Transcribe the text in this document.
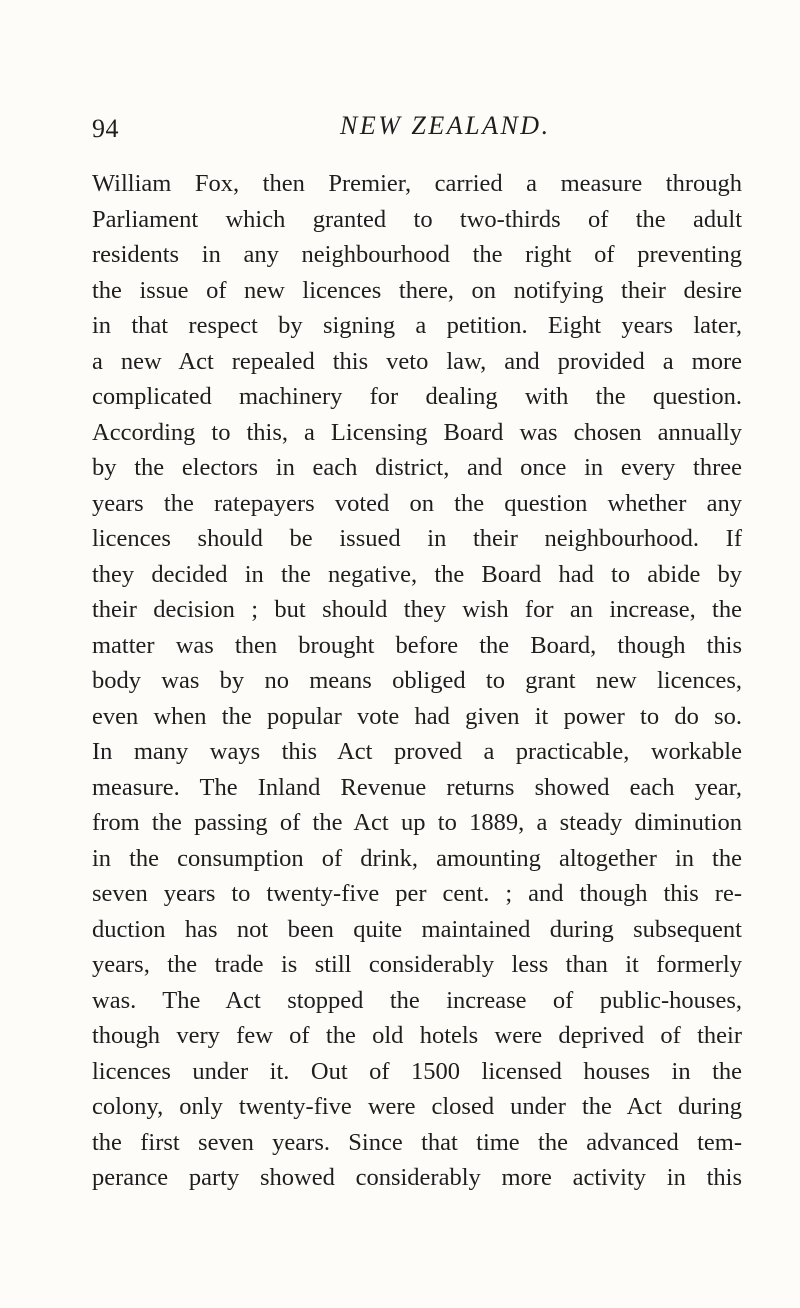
94	NEW ZEALAND.
William Fox, then Premier, carried a measure through
Parliament which granted to two-thirds of the adult
residents in any neighbourhood the right of preventing
the issue of new licences there, on notifying their desire
in that respect by signing a petition. Eight years later,
a new Act repealed this veto law, and provided a more
complicated machinery for dealing with the question.
According to this, a Licensing Board was chosen annually
by the electors in each district, and once in every three
years the ratepayers voted on the question whether any
licences should be issued in their neighbourhood. If
they decided in the negative, the Board had to abide by
their decision ; but should they wish for an increase, the
matter was then brought before the Board, though this
body was by no means obliged to grant new licences,
even when the popular vote had given it power to do so.
In many ways this Act proved a practicable, workable
measure. The Inland Revenue returns showed each year,
from the passing of the Act up to 1889, a steady diminution
in the consumption of drink, amounting altogether in the
seven years to twenty-five per cent. ; and though this re-
duction has not been quite maintained during subsequent
years, the trade is still considerably less than it formerly
was. The Act stopped the increase of public-houses,
though very few of the old hotels were deprived of their
licences under it. Out of 1500 licensed houses in the
colony, only twenty-five were closed under the Act during
the first seven years. Since that time the advanced tem-
perance party showed considerably more activity in this
